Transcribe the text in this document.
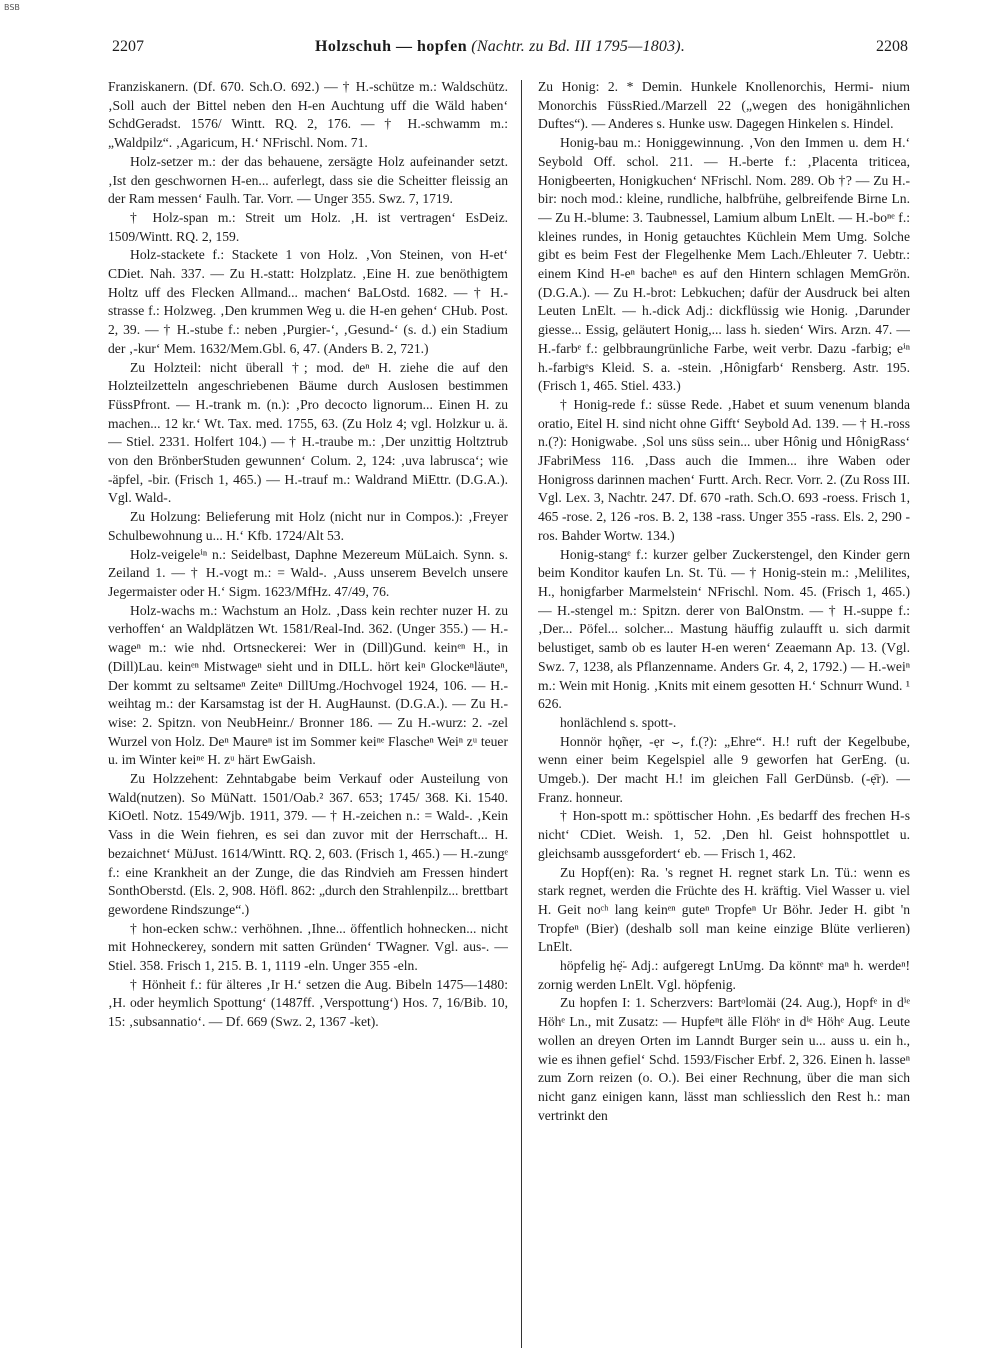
BSB
2207	Holzschuh — hopfen (Nachtr. zu Bd. III 1795—1803).	2208

Franziskanern. (Df. 670. Sch.O. 692.) — † H.-schütze m.: Waldschütz. ‚Soll auch der Bittel neben den H-en Auchtung uff die Wäld haben‘ SchdGeradst. 1576/ Wintt. RQ. 2, 176. — † H.-schwamm m.: „Waldpilz“. ‚Agaricum, H.‘ NFrischl. Nom. 71.

Holz-setzer m.: der das behauene, zersägte Holz aufeinander setzt. ‚Ist den geschwornen H-en... auferlegt, dass sie die Scheitter fleissig an der Ram messen‘ Faulh. Tar. Vorr. — Unger 355. Swz. 7, 1719.

† Holz-span m.: Streit um Holz. ‚H. ist vertragen‘ EsDeiz. 1509/Wintt. RQ. 2, 159.

Holz-stackete f.: Stackete 1 von Holz. ‚Von Steinen, von H-et‘ CDiet. Nah. 337. — Zu H.-statt: Holzplatz. ‚Eine H. zue benöthigtem Holtz uff des Flecken Allmand... machen‘ BaLOstd. 1682. — † H.-strasse f.: Holzweg. ‚Den krummen Weg u. die H-en gehen‘ CHub. Post. 2, 39. — † H.-stube f.: neben ‚Purgier-‘, ‚Gesund-‘ (s. d.) ein Stadium der ‚-kur‘ Mem. 1632/Mem.Gbl. 6, 47. (Anders B. 2, 721.)

Zu Holzteil: nicht überall †; mod. deⁿ H. ziehe die auf den Holzteilzetteln angeschriebenen Bäume durch Auslosen bestimmen FüssPfront. — H.-trank m. (n.): ‚Pro decocto lignorum... Einen H. zu machen... 12 kr.‘ Wt. Tax. med. 1755, 63. (Zu Holz 4; vgl. Holzkur u. ä. — Stiel. 2331. Holfert 104.) — † H.-traube m.: ‚Der unzittig Holtztrub von den BrönberStuden gewunnen‘ Colum. 2, 124: ‚uva labrusca‘; wie -äpfel, -bir. (Frisch 1, 465.) — H.-trauf m.: Waldrand MiEttr. (D.G.A.). Vgl. Wald-.

Zu Holzung: Belieferung mit Holz (nicht nur in Compos.): ‚Freyer Schulbewohnung u... H.‘ Kfb. 1724/Alt 53.

Holz-veigeleⁱⁿ n.: Seidelbast, Daphne Mezereum MüLaich. Synn. s. Zeiland 1. — † H.-vogt m.: = Wald-. ‚Auss unserem Bevelch unsere Jegermaister oder H.‘ Sigm. 1623/MfHz. 47/49, 76.

Holz-wachs m.: Wachstum an Holz. ‚Dass kein rechter nuzer H. zu verhoffen‘ an Waldplätzen Wt. 1581/Real-Ind. 362. (Unger 355.) — H.-wageⁿ m.: wie nhd. Ortsneckerei: Wer in (Dill)Gund. keinᵉⁿ H., in (Dill)Lau. keinᵉⁿ Mistwageⁿ sieht und in DILL. hört keiⁿ Glockeⁿläuteⁿ, Der kommt zu seltsameⁿ Zeiteⁿ DillUmg./Hochvogel 1924, 106. — H.-weihtag m.: der Karsamstag ist der H. AugHaunst. (D.G.A.). — Zu H.-wise: 2. Spitzn. von NeubHeinr./ Bronner 186. — Zu H.-wurz: 2. -zel Wurzel von Holz. Deⁿ Maureⁿ ist im Sommer keiⁿᵉ Flascheⁿ Weiⁿ zᵘ teuer u. im Winter keiⁿᵉ H. zᵘ härt EwGaish.

Zu Holzzehent: Zehntabgabe beim Verkauf oder Austeilung von Wald(nutzen). So MüNatt. 1501/Oab.² 367. 653; 1745/ 368. Ki. 1540. KiOetl. Notz. 1549/Wjb. 1911, 379. — † H.-zeichen n.: = Wald-. ‚Kein Vass in die Wein fiehren, es sei dan zuvor mit der Herrschaft... H. bezaichnet‘ MüJust. 1614/Wintt. RQ. 2, 603. (Frisch 1, 465.) — H.-zungᵉ f.: eine Krankheit an der Zunge, die das Rindvieh am Fressen hindert SonthOberstd. (Els. 2, 908. Höfl. 862: „durch den Strahlenpilz... brettbart gewordene Rindszunge“.)

† hon-ecken schw.: verhöhnen. ‚Ihne... öffentlich hohnecken... nicht mit Hohneckerey, sondern mit satten Gründen‘ TWagner. Vgl. aus-. — Stiel. 358. Frisch 1, 215. B. 1, 1119 -eln. Unger 355 -eln.

† Hönheit f.: für älteres ‚Ir H.‘ setzen die Aug. Bibeln 1475—1480: ‚H. oder heymlich Spottung‘ (1487ff. ‚Verspottung‘) Hos. 7, 16/Bib. 10, 15: ‚subsannatio‘. — Df. 669 (Swz. 2, 1367 -ket).

Zu Honig: 2. * Demin. Hunkele Knollenorchis, Hermi- nium Monorchis FüssRied./Marzell 22 („wegen des honigähnlichen Duftes“). — Anderes s. Hunke usw. Dagegen Hinkelen s. Hindel.

Honig-bau m.: Honiggewinnung. ‚Von den Immen u. dem H.‘ Seybold Off. schol. 211. — H.-berte f.: ‚Placenta triticea, Honigbeerten, Honigkuchen‘ NFrischl. Nom. 289. Ob †? — Zu H.-bir: noch mod.: kleine, rundliche, halbfrühe, gelbreifende Birne Ln. — Zu H.-blume: 3. Taubnessel, Lamium album LnElt. — H.-boⁿᵉ f.: kleines rundes, in Honig getauchtes Küchlein Mem Umg. Solche gibt es beim Fest der Flegelhenke Mem Lach./Ehleuter 7. Uebtr.: einem Kind H-eⁿ bacheⁿ es auf den Hintern schlagen MemGrön. (D.G.A.). — Zu H.-brot: Lebkuchen; dafür der Ausdruck bei alten Leuten LnElt. — h.-dick Adj.: dickflüssig wie Honig. ‚Darunder giesse... Essig, geläutert Honig,... lass h. sieden‘ Wirs. Arzn. 47. — H.-farbᵉ f.: gelbbraungrünliche Farbe, weit verbr. Dazu -farbig; eⁱⁿ h.-farbigᵉs Kleid. S. a. -stein. ‚Hônigfarb‘ Rensberg. Astr. 195. (Frisch 1, 465. Stiel. 433.)

† Honig-rede f.: süsse Rede. ‚Habet et suum venenum blanda oratio, Eitel H. sind nicht ohne Gifft‘ Seybold Ad. 139. — † H.-ross n.(?): Honigwabe. ‚Sol uns süss sein... uber Hônig und HônigRass‘ JFabriMess 116. ‚Dass auch die Immen... ihre Waben oder Honigross darinnen machen‘ Furtt. Arch. Recr. Vorr. 2. (Zu Ross III. Vgl. Lex. 3, Nachtr. 247. Df. 670 -rath. Sch.O. 693 -roess. Frisch 1, 465 -rose. 2, 126 -ros. B. 2, 138 -rass. Unger 355 -rass. Els. 2, 290 -ros. Bahder Wortw. 134.)

Honig-stangᵉ f.: kurzer gelber Zuckerstengel, den Kinder gern beim Konditor kaufen Ln. St. Tü. — † Honig-stein m.: ‚Melilites, H., honigfarber Marmelstein‘ NFrischl. Nom. 45. (Frisch 1, 465.) — H.-stengel m.: Spitzn. derer von BalOnstm. — † H.-suppe f.: ‚Der... Pöfel... solcher... Mastung häuffig zulaufft u. sich darmit belustiget, samb ob es lauter H-en weren‘ Zeaemann Ap. 13. (Vgl. Swz. 7, 1238, als Pflanzenname. Anders Gr. 4, 2, 1792.) — H.-weiⁿ m.: Wein mit Honig. ‚Knits mit einem gesotten H.‘ Schnurr Wund. ¹ 626.

honlächlend s. spott-.

Honnör hǫ̃nẹr, -ẹr ⌣, f.(?): „Ehre“. H.! ruft der Kegelbube, wenn einer beim Kegelspiel alle 9 geworfen hat GerEng. (u. Umgeb.). Der macht H.! im gleichen Fall GerDünsb. (-ẹ̄r). — Franz. honneur.

† Hon-spott m.: spöttischer Hohn. ‚Es bedarff des frechen H-s nicht‘ CDiet. Weish. 1, 52. ‚Den hl. Geist hohnspottlet u. gleichsamb aussgefordert‘ eb. — Frisch 1, 462.

Zu Hopf(en): Ra. 's regnet H. regnet stark Ln. Tü.: wenn es stark regnet, werden die Früchte des H. kräftig. Viel Wasser u. viel H. Geit noᶜʰ lang keinᵉⁿ guteⁿ Tropfeⁿ Ur Böhr. Jeder H. gibt 'n Tropfeⁿ (Bier) (deshalb soll man keine einzige Blüte verlieren) LnElt.

höpfelig hẹ̈- Adj.: aufgeregt LnUmg. Da könntᵉ maⁿ h. werdeⁿ! zornig werden LnElt. Vgl. höpfenig.

Zu hopfen I: 1. Scherzvers: Bartᵒlomäi (24. Aug.), Hopfᵉ in dⁱᵉ Höhᵉ Ln., mit Zusatz: — Hupfeⁿt älle Flöhᵉ in dⁱᵉ Höhᵉ Aug. Leute wollen an dreyen Orten im Lanndt Burger sein u... auss u. ein h., wie es ihnen gefiel‘ Schd. 1593/Fischer Erbf. 2, 326. Einen h. lasseⁿ zum Zorn reizen (o. O.). Bei einer Rechnung, über die man sich nicht ganz einigen kann, lässt man schliesslich den Rest h.: man vertrinkt den
